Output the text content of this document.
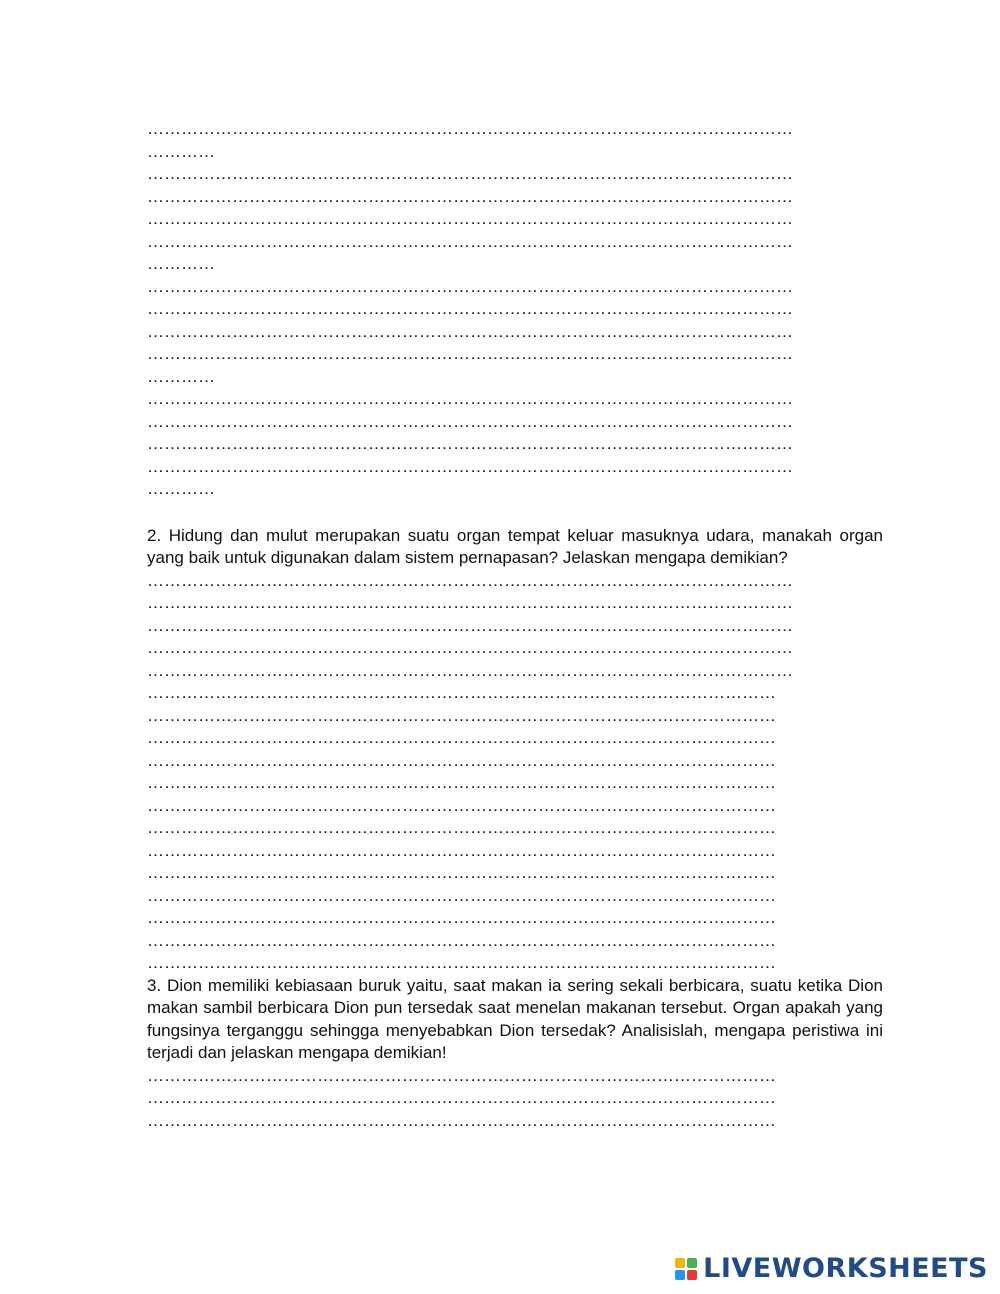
……………………………………………………………………………………………………
…………
……………………………………………………………………………………………………
……………………………………………………………………………………………………
……………………………………………………………………………………………………
……………………………………………………………………………………………………
…………
……………………………………………………………………………………………………
……………………………………………………………………………………………………
……………………………………………………………………………………………………
……………………………………………………………………………………………………
…………
……………………………………………………………………………………………………
……………………………………………………………………………………………………
……………………………………………………………………………………………………
……………………………………………………………………………………………………
…………
2. Hidung dan mulut merupakan suatu organ tempat keluar masuknya udara, manakah organ yang baik untuk digunakan dalam sistem pernapasan? Jelaskan mengapa demikian?
……………………………………………………………………………………………………
……………………………………………………………………………………………………
……………………………………………………………………………………………………
……………………………………………………………………………………………………
……………………………………………………………………………………………………
…………………………………………………………………………………………………
…………………………………………………………………………………………………
…………………………………………………………………………………………………
…………………………………………………………………………………………………
…………………………………………………………………………………………………
…………………………………………………………………………………………………
…………………………………………………………………………………………………
…………………………………………………………………………………………………
…………………………………………………………………………………………………
…………………………………………………………………………………………………
…………………………………………………………………………………………………
…………………………………………………………………………………………………
…………………………………………………………………………………………………
3. Dion memiliki kebiasaan buruk yaitu, saat makan ia sering sekali berbicara, suatu ketika Dion makan sambil berbicara Dion pun tersedak saat menelan makanan tersebut. Organ apakah yang fungsinya terganggu sehingga menyebabkan Dion tersedak? Analisislah, mengapa peristiwa ini terjadi dan jelaskan mengapa demikian!
…………………………………………………………………………………………………
…………………………………………………………………………………………………
…………………………………………………………………………………………………
LIVEWORKSHEETS
